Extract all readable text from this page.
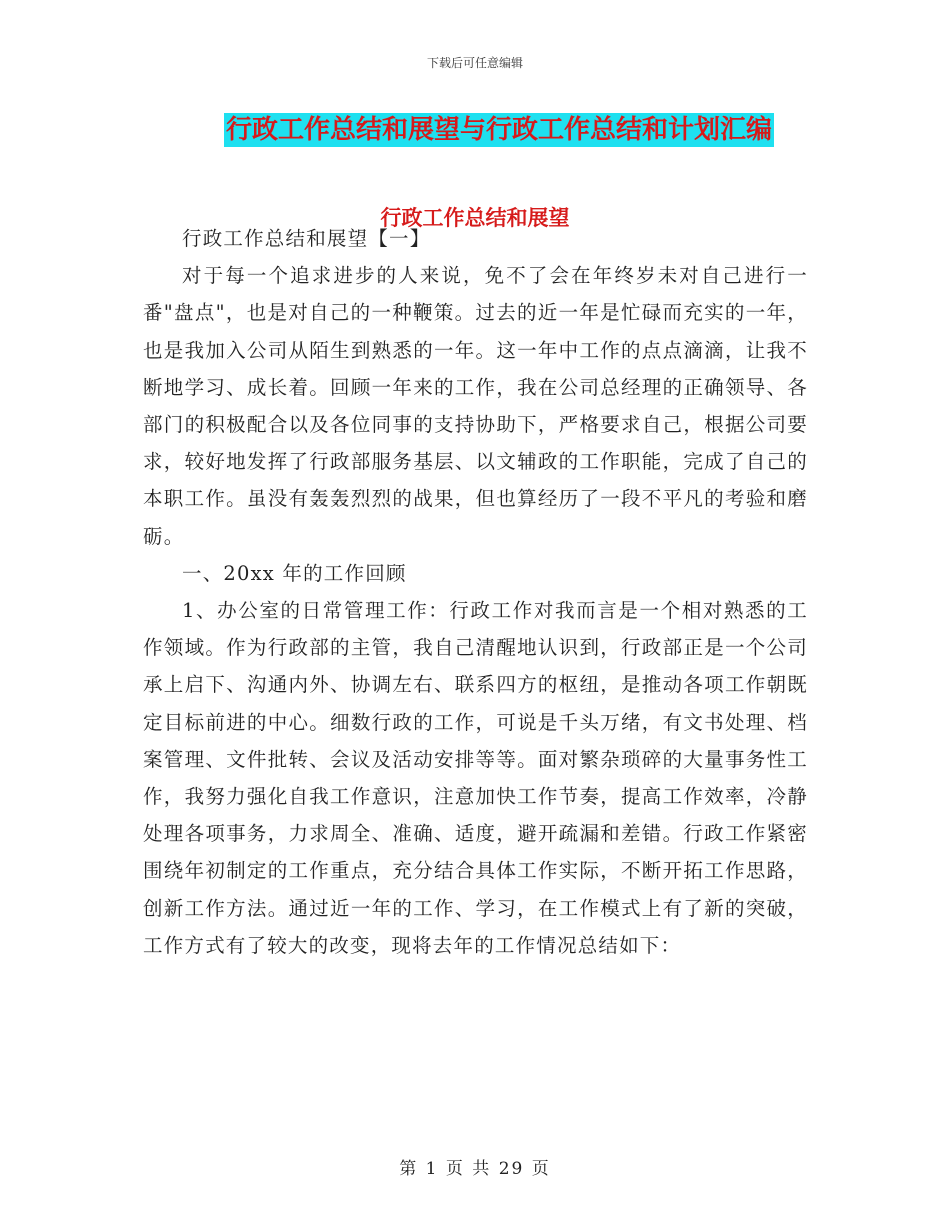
下载后可任意编辑
行政工作总结和展望与行政工作总结和计划汇编
行政工作总结和展望

行政工作总结和展望【一】

对于每一个追求进步的人来说，免不了会在年终岁未对自己进行一番"盘点"，也是对自己的一种鞭策。过去的近一年是忙碌而充实的一年，也是我加入公司从陌生到熟悉的一年。这一年中工作的点点滴滴，让我不断地学习、成长着。回顾一年来的工作，我在公司总经理的正确领导、各部门的积极配合以及各位同事的支持协助下，严格要求自己，根据公司要求，较好地发挥了行政部服务基层、以文辅政的工作职能，完成了自己的本职工作。虽没有轰轰烈烈的战果，但也算经历了一段不平凡的考验和磨砺。

一、20xx 年的工作回顾

1、办公室的日常管理工作：行政工作对我而言是一个相对熟悉的工作领域。作为行政部的主管，我自己清醒地认识到，行政部正是一个公司承上启下、沟通内外、协调左右、联系四方的枢纽，是推动各项工作朝既定目标前进的中心。细数行政的工作，可说是千头万绪，有文书处理、档案管理、文件批转、会议及活动安排等等。面对繁杂琐碎的大量事务性工作，我努力强化自我工作意识，注意加快工作节奏，提高工作效率，冷静处理各项事务，力求周全、准确、适度，避开疏漏和差错。行政工作紧密围绕年初制定的工作重点，充分结合具体工作实际，不断开拓工作思路，创新工作方法。通过近一年的工作、学习，在工作模式上有了新的突破，工作方式有了较大的改变，现将去年的工作情况总结如下：

第 1 页 共 29 页
